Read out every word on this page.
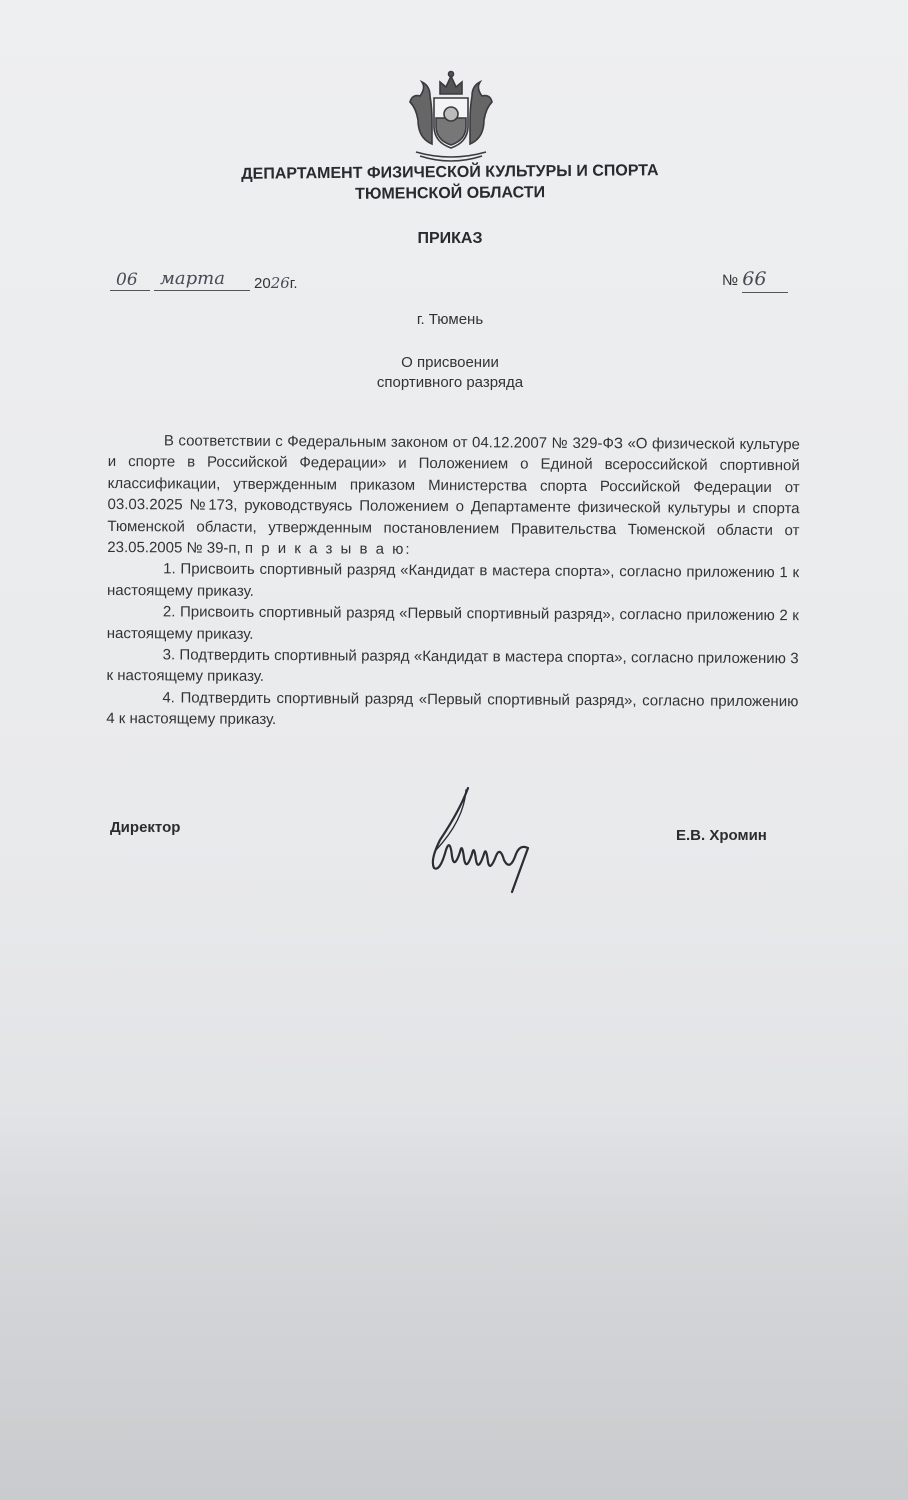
ДЕПАРТАМЕНТ ФИЗИЧЕСКОЙ КУЛЬТУРЫ И СПОРТА
ТЮМЕНСКОЙ ОБЛАСТИ
ПРИКАЗ
06 марта 2026г.	№ 66
г. Тюмень
О присвоении
спортивного разряда

В соответствии с Федеральным законом от 04.12.2007 № 329-ФЗ «О физической культуре и спорте в Российской Федерации» и Положением о Единой всероссийской спортивной классификации, утвержденным приказом Министерства спорта Российской Федерации от 03.03.2025 №173, руководствуясь Положением о Департаменте физической культуры и спорта Тюменской области, утвержденным постановлением Правительства Тюменской области от 23.05.2005 № 39-п, п р и к а з ы в а ю:

1. Присвоить спортивный разряд «Кандидат в мастера спорта», согласно приложению 1 к настоящему приказу.
2. Присвоить спортивный разряд «Первый спортивный разряд», согласно приложению 2 к настоящему приказу.
3. Подтвердить спортивный разряд «Кандидат в мастера спорта», согласно приложению 3 к настоящему приказу.
4. Подтвердить спортивный разряд «Первый спортивный разряд», согласно приложению 4 к настоящему приказу.
Директор	Е.В. Хромин
